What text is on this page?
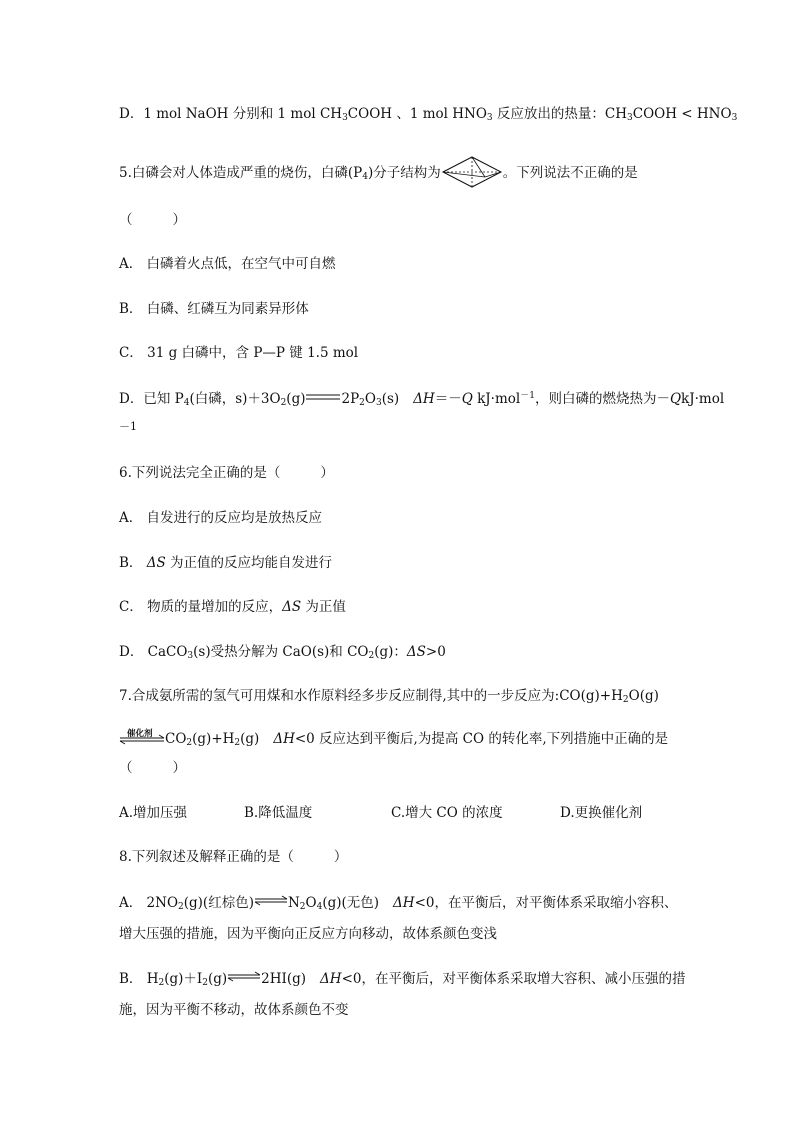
D．1 mol NaOH 分别和 1 mol $CH_3COOH$ 、1 mol $HNO_3$ 反应放出的热量：$CH_3COOH < HNO_3$
5.白磷会对人体造成严重的烧伤，白磷$(P_4)$分子结构为	。下列说法不正确的是
（	）
A． 白磷着火点低，在空气中可自燃
B． 白磷、红磷互为同素异形体
C． 31 g 白磷中，含 P—P 键 1.5 mol
D．已知 $P_4$(白磷，$s)+3O_2(g)$	$2P_2O_3(s)$ ΔH＝－Q kJ·mol$^{-1}$，则白磷的燃烧热为－QkJ·mol
－1
6.下列说法完全正确的是（	）
A． 自发进行的反应均是放热反应
B． ΔS 为正值的反应均能自发进行
C． 物质的量增加的反应，ΔS 为正值
D． CaCO$_3$(s)受热分解为 CaO(s)和 $CO_2(g)$：ΔS>0
7.合成氨所需的氢气可用煤和水作原料经多步反应制得,其中的一步反应为$:CO(g)+H_2O(g)$
催化剂 $CO_2(g)+H_2(g)$ ΔH<0 反应达到平衡后,为提高 CO 的转化率,下列措施中正确的是
（	）
A.增加压强	B.降低温度	C.增大 CO 的浓度	D.更换催化剂
8.下列叙述及解释正确的是（	）
A． $2NO_2(g)$(红棕色)$\rightleftharpoons N_2O_4(g)$(无色) ΔH<0，在平衡后，对平衡体系采取缩小容积、
增大压强的措施，因为平衡向正反应方向移动，故体系颜色变浅
B． $H_2(g)+I_2(g)\rightleftharpoons 2HI(g)$ ΔH<0，在平衡后，对平衡体系采取增大容积、减小压强的措
施，因为平衡不移动，故体系颜色不变
